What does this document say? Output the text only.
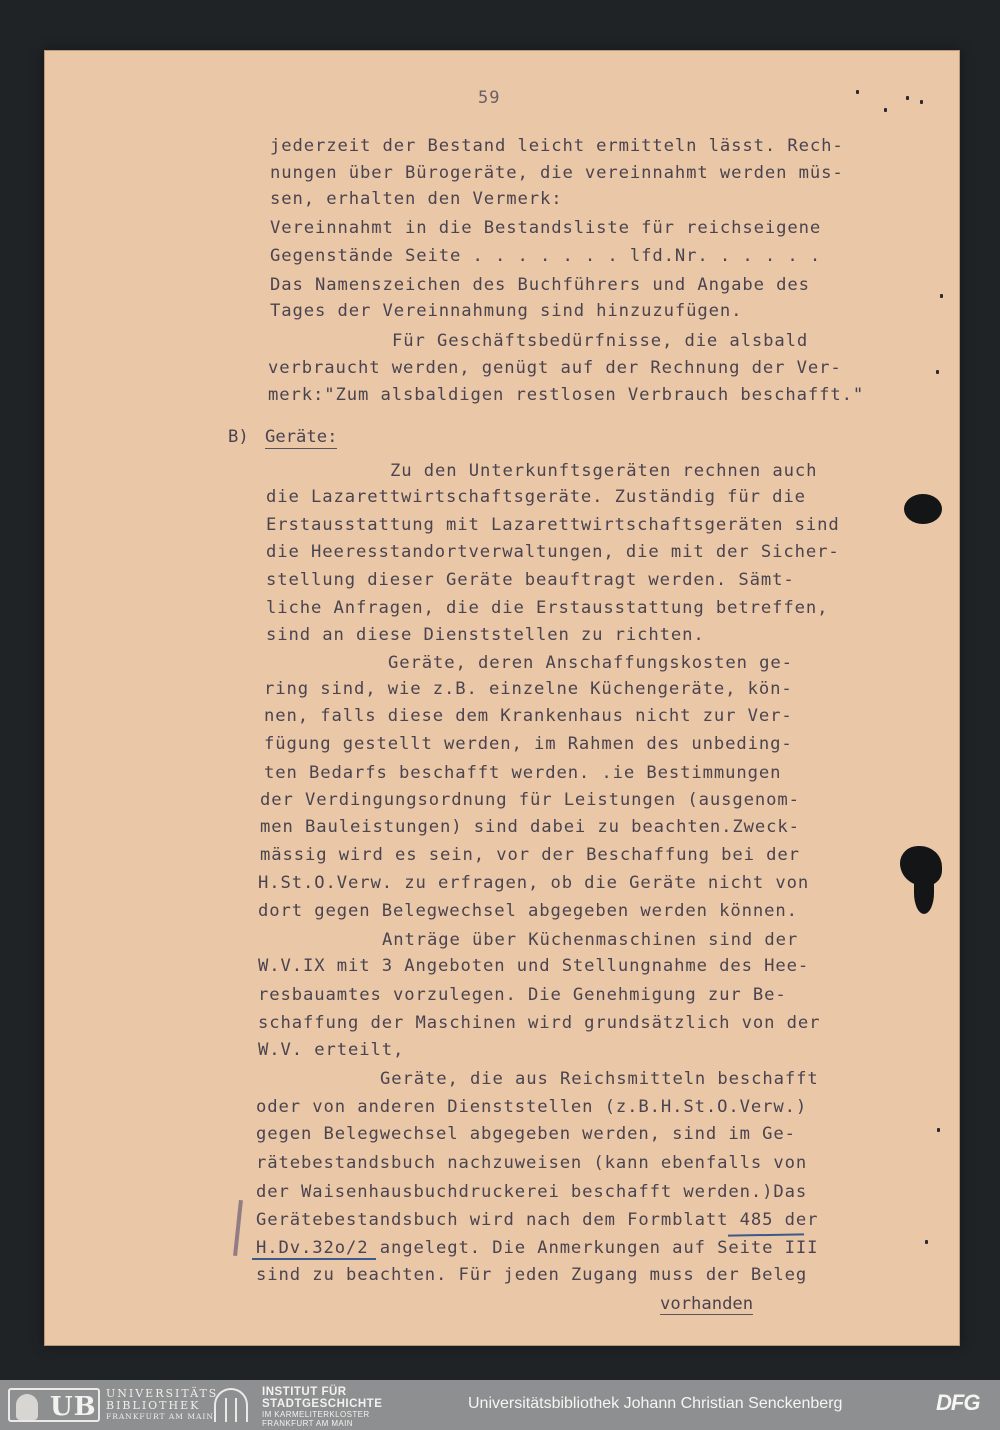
59
jederzeit der Bestand leicht ermitteln lässt. Rech-
nungen über Bürogeräte, die vereinnahmt werden müs-
sen, erhalten den Vermerk:
Vereinnahmt in die Bestandsliste für reichseigene
Gegenstände Seite . . . . . . . lfd.Nr. . . . . .
Das Namenszeichen des Buchführers und Angabe des
Tages der Vereinnahmung sind hinzuzufügen.
Für Geschäftsbedürfnisse, die alsbald
verbraucht werden, genügt auf der Rechnung der Ver-
merk:"Zum alsbaldigen restlosen Verbrauch beschafft."
B) Geräte:
Zu den Unterkunftsgeräten rechnen auch
die Lazarettwirtschaftsgeräte. Zuständig für die
Erstausstattung mit Lazarettwirtschaftsgeräten sind
die Heeresstandortverwaltungen, die mit der Sicher-
stellung dieser Geräte beauftragt werden. Sämt-
liche Anfragen, die die Erstausstattung betreffen,
sind an diese Dienststellen zu richten.
Geräte, deren Anschaffungskosten ge-
ring sind, wie z.B. einzelne Küchengeräte, kön-
nen, falls diese dem Krankenhaus nicht zur Ver-
fügung gestellt werden, im Rahmen des unbeding-
ten Bedarfs beschafft werden. .ie Bestimmungen
der Verdingungsordnung für Leistungen (ausgenom-
men Bauleistungen) sind dabei zu beachten.Zweck-
mässig wird es sein, vor der Beschaffung bei der
H.St.O.Verw. zu erfragen, ob die Geräte nicht von
dort gegen Belegwechsel abgegeben werden können.
Anträge über Küchenmaschinen sind der
W.V.IX mit 3 Angeboten und Stellungnahme des Hee-
resbauamtes vorzulegen. Die Genehmigung zur Be-
schaffung der Maschinen wird grundsätzlich von der
W.V. erteilt,
Geräte, die aus Reichsmitteln beschafft
oder von anderen Dienststellen (z.B.H.St.O.Verw.)
gegen Belegwechsel abgegeben werden, sind im Ge-
rätebestandsbuch nachzuweisen (kann ebenfalls von
der Waisenhausbuchdruckerei beschafft werden.)Das
Gerätebestandsbuch wird nach dem Formblatt 485 der
H.Dv.32o/2 angelegt. Die Anmerkungen auf Seite III
sind zu beachten. Für jeden Zugang muss der Beleg
vorhanden
UB UNIVERSITÄTS
BIBLIOTHEK
FRANKFURT AM MAIN
INSTITUT FÜR
STADTGESCHICHTE
IM KARMELITERKLOSTER
FRANKFURT AM MAIN
Universitätsbibliothek Johann Christian Senckenberg	DFG
